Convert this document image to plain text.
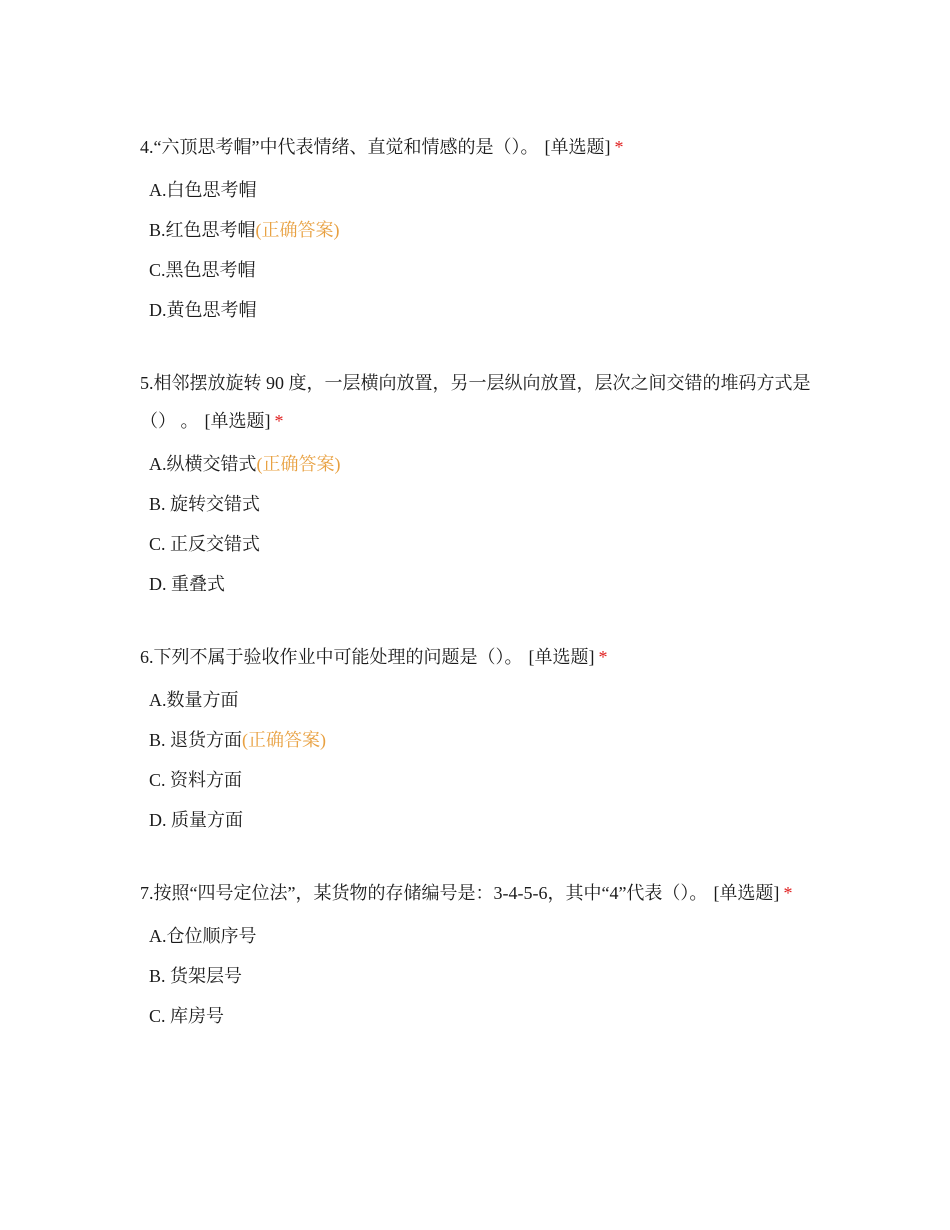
4.“六顶思考帽”中代表情绪、直觉和情感的是（）。 [单选题] *
A.白色思考帽
B.红色思考帽(正确答案)
C.黑色思考帽
D.黄色思考帽
5.相邻摆放旋转 90 度，一层横向放置，另一层纵向放置，层次之间交错的堆码方式是（） 。 [单选题] *
A.纵横交错式(正确答案)
B. 旋转交错式
C. 正反交错式
D. 重叠式
6.下列不属于验收作业中可能处理的问题是（）。 [单选题] *
A.数量方面
B. 退货方面(正确答案)
C. 资料方面
D. 质量方面
7.按照“四号定位法”，某货物的存储编号是：3-4-5-6，其中“4”代表（）。 [单选题] *
A.仓位顺序号
B. 货架层号
C. 库房号
